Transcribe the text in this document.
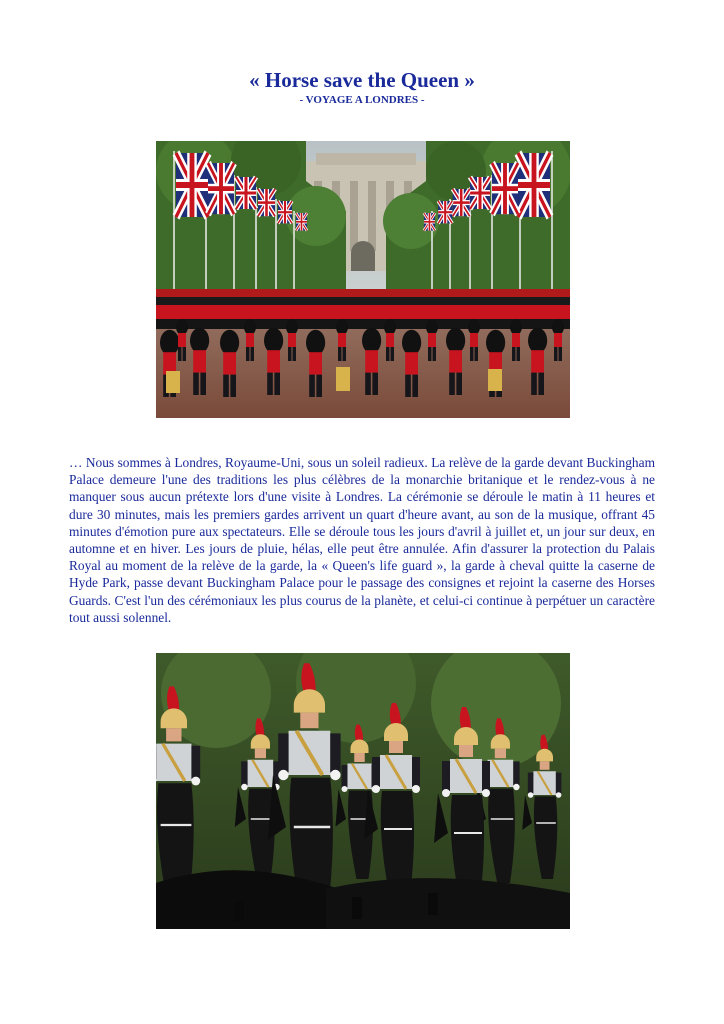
« Horse save the Queen »
- VOYAGE A LONDRES -

… Nous sommes à Londres, Royaume-Uni, sous un soleil radieux. La relève de la garde devant Buckingham Palace demeure l'une des traditions les plus célèbres de la monarchie britanique et le rendez-vous à ne manquer sous aucun prétexte lors d'une visite à Londres. La cérémonie se déroule le matin à 11 heures et dure 30 minutes, mais les premiers gardes arrivent un quart d'heure avant, au son de la musique, offrant 45 minutes d'émotion pure aux spectateurs. Elle se déroule tous les jours d'avril à juillet et, un jour sur deux, en automne et en hiver. Les jours de pluie, hélas, elle peut être annulée. Afin d'assurer la protection du Palais Royal au moment de la relève de la garde, la « Queen's life guard », la garde à cheval quitte la caserne de Hyde Park, passe devant Buckingham Palace pour le passage des consignes et rejoint la caserne des Horses Guards. C'est l'un des cérémoniaux les plus courus de la planète, et celui-ci continue à perpétuer un caractère tout aussi solennel.
